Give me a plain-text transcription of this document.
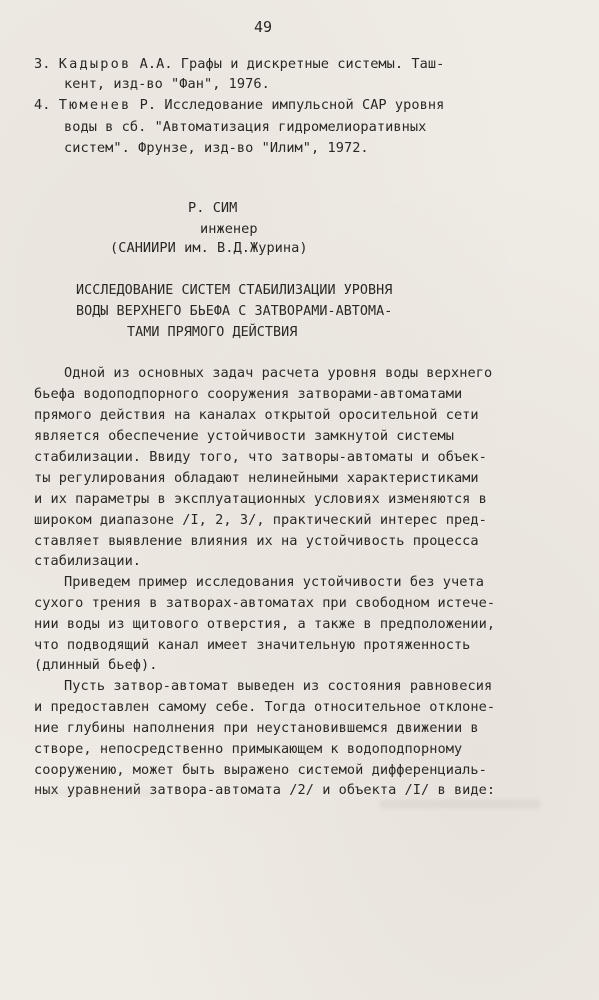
49
3. Кадыров А.А. Графы и дискретные системы. Таш-
кент, изд-во "Фан", 1976.
4. Тюменев Р. Исследование импульсной САР уровня
воды в сб. "Автоматизация гидромелиоративных
систем". Фрунзе, изд-во "Илим", 1972.
Р. СИМ
инженер
(САНИИРИ им. В.Д.Журина)
ИССЛЕДОВАНИЕ СИСТЕМ СТАБИЛИЗАЦИИ УРОВНЯ
ВОДЫ ВЕРХНЕГО БЬЕФА С ЗАТВОРАМИ-АВТОМА-
ТАМИ ПРЯМОГО ДЕЙСТВИЯ
Одной из основных задач расчета уровня воды верхнего
бьефа водоподпорного сооружения затворами-автоматами
прямого действия на каналах открытой оросительной сети
является обеспечение устойчивости замкнутой системы
стабилизации. Ввиду того, что затворы-автоматы и объек-
ты регулирования обладают нелинейными характеристиками
и их параметры в эксплуатационных условиях изменяются в
широком диапазоне /I, 2, 3/, практический интерес пред-
ставляет выявление влияния их на устойчивость процесса
стабилизации.
Приведем пример исследования устойчивости без учета
сухого трения в затворах-автоматах при свободном истече-
нии воды из щитового отверстия, а также в предположении,
что подводящий канал имеет значительную протяженность
(длинный бьеф).
Пусть затвор-автомат выведен из состояния равновесия
и предоставлен самому себе. Тогда относительное отклоне-
ние глубины наполнения при неустановившемся движении в
створе, непосредственно примыкающем к водоподпорному
сооружению, может быть выражено системой дифференциаль-
ных уравнений затвора-автомата /2/ и объекта /I/ в виде:
